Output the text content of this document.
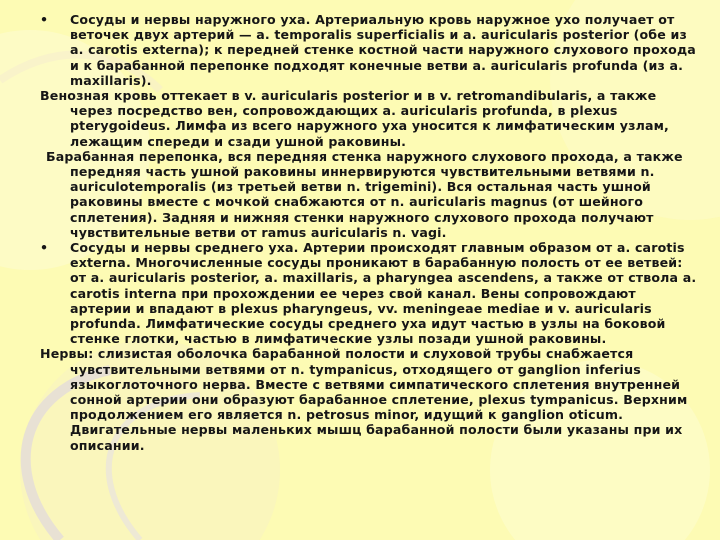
• Сосуды и нервы наружного уха. Артериальную кровь наружное ухо получает от веточек двух артерий — a. temporalis superficialis и a. auricularis posterior (обе из a. carotis externa); к передней стенке костной части наружного слухового прохода и к барабанной перепонке подходят конечные ветви a. auricularis profunda (из a. maxillaris).

Венозная кровь оттекает в v. auricularis posterior и в v. retromandibularis, а также через посредство вен, сопровождающих a. auricularis profunda, в plexus pterygoideus. Лимфа из всего наружного уха уносится к лимфатическим узлам, лежащим спереди и сзади ушной раковины.

Барабанная перепонка, вся передняя стенка наружного слухового прохода, а также передняя часть ушной раковины иннервируются чувствительными ветвями n. auriculotemporalis (из третьей ветви n. trigemini). Вся остальная часть ушной раковины вместе с мочкой снабжаются от n. auricularis magnus (от шейного сплетения). Задняя и нижняя стенки наружного слухового прохода получают чувствительные ветви от ramus auricularis n. vagi.

• Сосуды и нервы среднего уха. Артерии происходят главным образом от a. carotis externa. Многочисленные сосуды проникают в барабанную полость от ее ветвей: от a. auricularis posterior, a. maxillaris, a pharyngea ascendens, а также от ствола a. carotis interna при прохождении ее через свой канал. Вены сопровождают артерии и впадают в plexus pharyngeus, vv. meningeae mediae и v. auricularis profunda. Лимфатические сосуды среднего уха идут частью в узлы на боковой стенке глотки, частью в лимфатические узлы позади ушной раковины.

Нервы: слизистая оболочка барабанной полости и слуховой трубы снабжается чувствительными ветвями от n. tympanicus, отходящего от ganglion inferius языкоглоточного нерва. Вместе с ветвями симпатического сплетения внутренней сонной артерии они образуют барабанное сплетение, plexus tympanicus. Верхним продолжением его является n. petrosus minor, идущий к ganglion oticum. Двигательные нервы маленьких мышц барабанной полости были указаны при их описании.
